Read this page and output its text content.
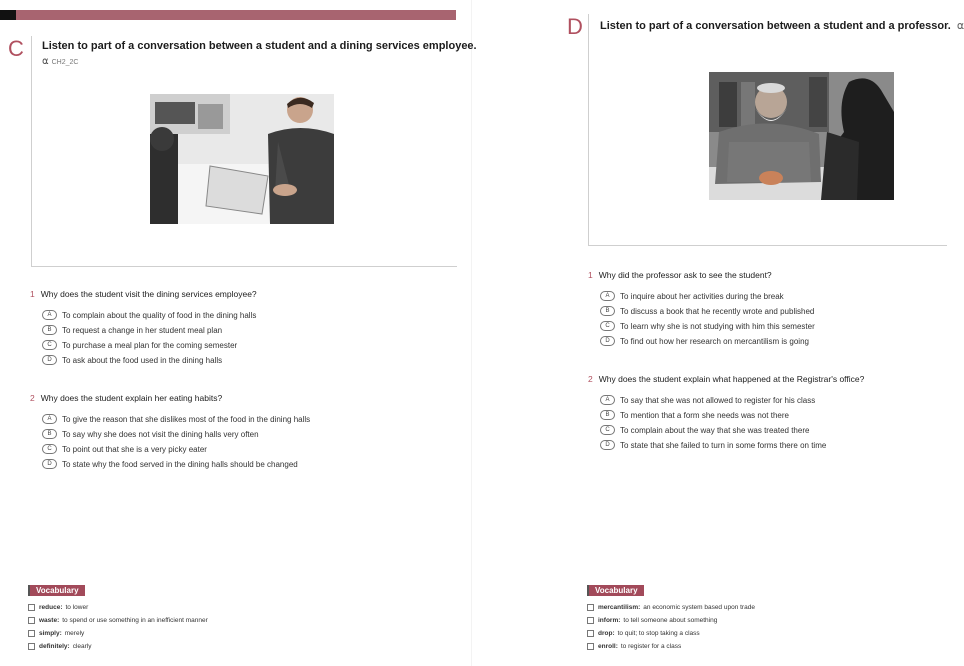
C Listen to part of a conversation between a student and a dining services employee.
⍺ CH2_2C
1 Why does the student visit the dining services employee?
A	To complain about the quality of food in the dining halls
B	To request a change in her student meal plan
C	To purchase a meal plan for the coming semester
D	To ask about the food used in the dining halls
2 Why does the student explain her eating habits?
A	To give the reason that she dislikes most of the food in the dining halls
B	To say why she does not visit the dining halls very often
C	To point out that she is a very picky eater
D	To state why the food served in the dining halls should be changed
Vocabulary
reduce: to lower
waste: to spend or use something in an inefficient manner
simply: merely
definitely: clearly
D Listen to part of a conversation between a student and a professor. ⍺
1 Why did the professor ask to see the student?
A	To inquire about her activities during the break
B	To discuss a book that he recently wrote and published
C	To learn why she is not studying with him this semester
D	To find out how her research on mercantilism is going
2 Why does the student explain what happened at the Registrar's office?
A	To say that she was not allowed to register for his class
B	To mention that a form she needs was not there
C	To complain about the way that she was treated there
D	To state that she failed to turn in some forms there on time
Vocabulary
mercantilism: an economic system based upon trade
inform: to tell someone about something
drop: to quit; to stop taking a class
enroll: to register for a class
